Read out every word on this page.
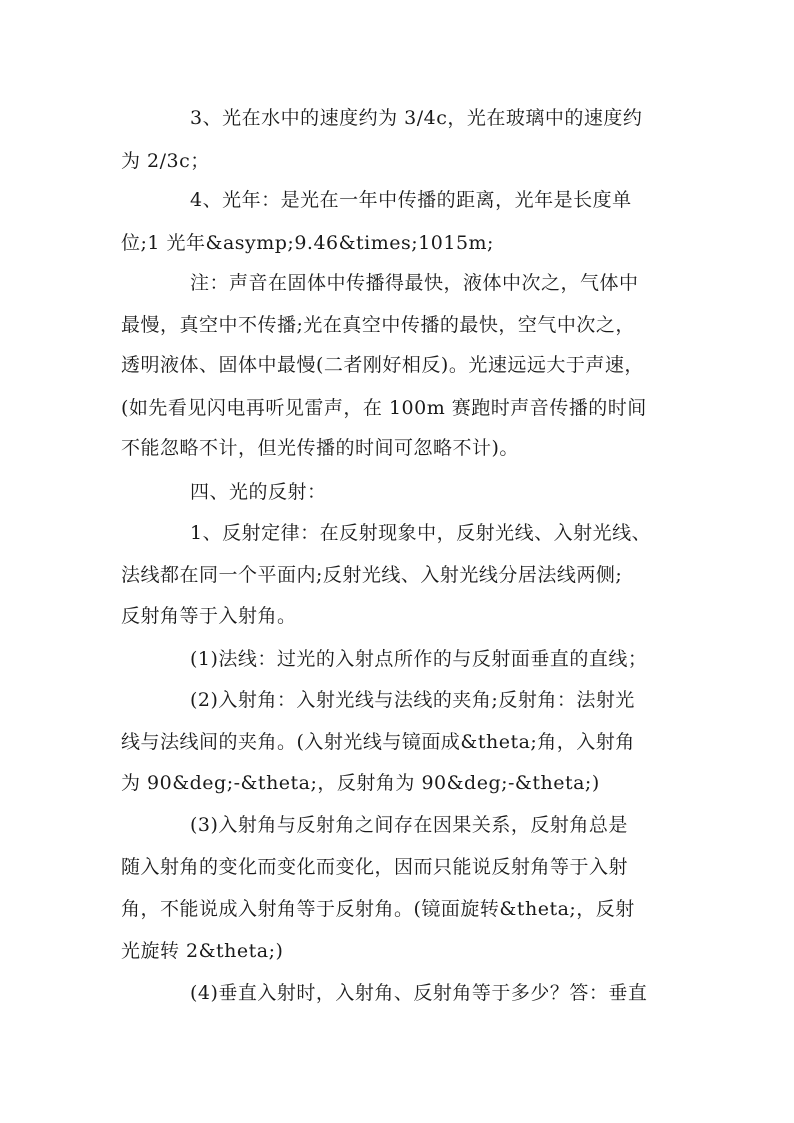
3、光在水中的速度约为 3/4c，光在玻璃中的速度约
为 2/3c；
4、光年：是光在一年中传播的距离，光年是长度单
位;1 光年&asymp;9.46&times;1015m;
注：声音在固体中传播得最快，液体中次之，气体中
最慢，真空中不传播;光在真空中传播的最快，空气中次之，
透明液体、固体中最慢(二者刚好相反)。光速远远大于声速，
(如先看见闪电再听见雷声，在 100m 赛跑时声音传播的时间
不能忽略不计，但光传播的时间可忽略不计)。
四、光的反射：
1、反射定律：在反射现象中，反射光线、入射光线、
法线都在同一个平面内;反射光线、入射光线分居法线两侧;
反射角等于入射角。
(1)法线：过光的入射点所作的与反射面垂直的直线；
(2)入射角：入射光线与法线的夹角;反射角：法射光
线与法线间的夹角。(入射光线与镜面成&theta;角，入射角
为 90&deg;-&theta;，反射角为 90&deg;-&theta;)
(3)入射角与反射角之间存在因果关系，反射角总是
随入射角的变化而变化而变化，因而只能说反射角等于入射
角，不能说成入射角等于反射角。(镜面旋转&theta;，反射
光旋转 2&theta;)
(4)垂直入射时，入射角、反射角等于多少？答：垂直
